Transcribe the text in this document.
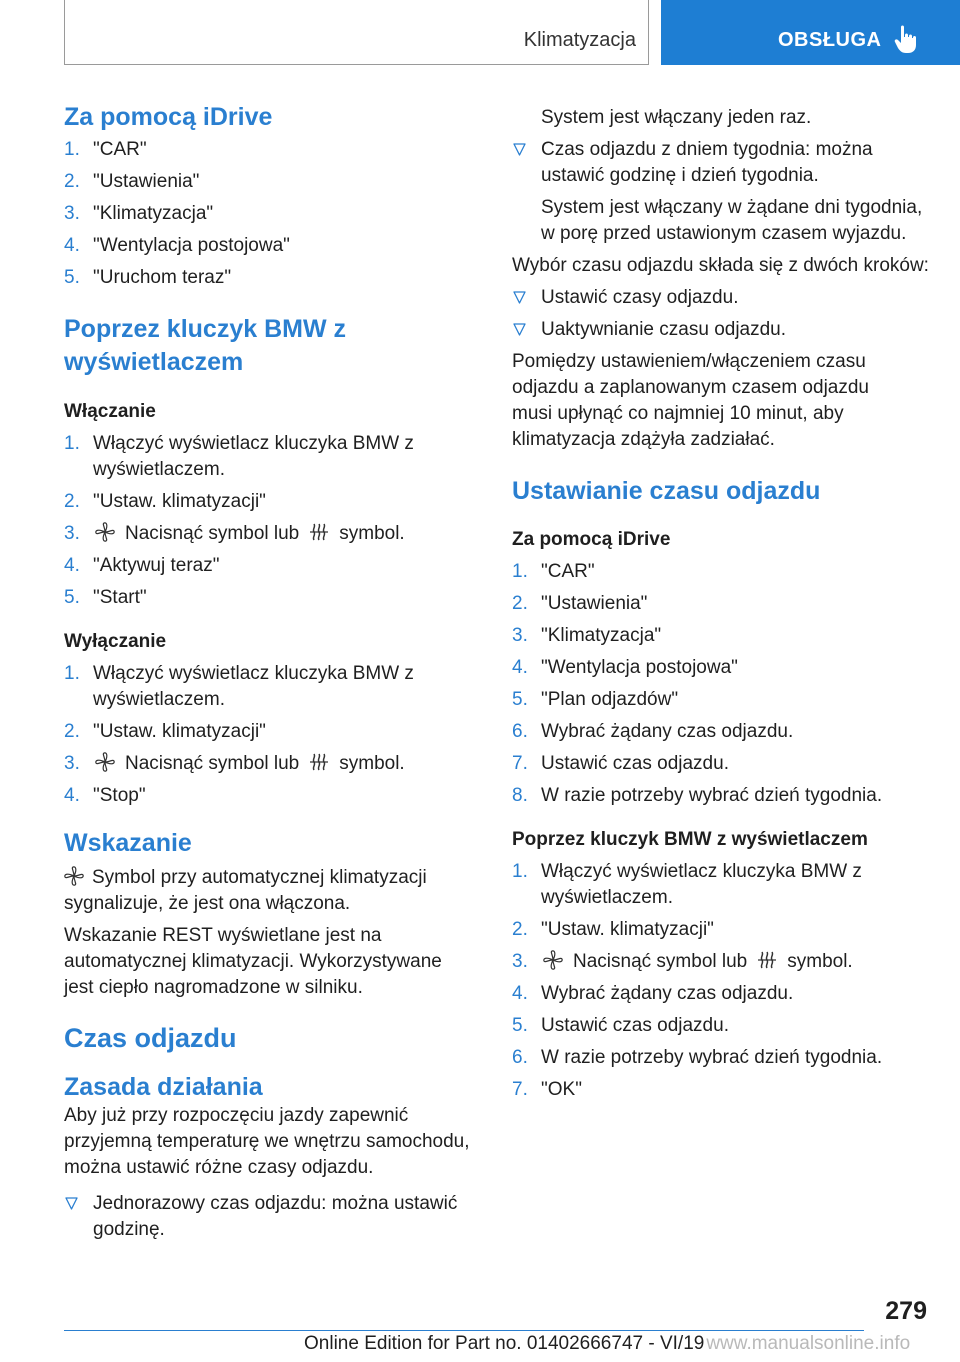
Klimatyzacja	OBSŁUGA
Za pomocą iDrive
1. "CAR"
2. "Ustawienia"
3. "Klimatyzacja"
4. "Wentylacja postojowa"
5. "Uruchom teraz"
Poprzez kluczyk BMW z wyświetlaczem
Włączanie
1. Włączyć wyświetlacz kluczyka BMW z wyświetlaczem.
2. "Ustaw. klimatyzacji"
3. Nacisnąć symbol lub symbol.
4. "Aktywuj teraz"
5. "Start"
Wyłączanie
1. Włączyć wyświetlacz kluczyka BMW z wyświetlaczem.
2. "Ustaw. klimatyzacji"
3. Nacisnąć symbol lub symbol.
4. "Stop"
Wskazanie

Symbol przy automatycznej klimatyzacji sygnalizuje, że jest ona włączona.

Wskazanie REST wyświetlane jest na automatycznej klimatyzacji. Wykorzystywane jest ciepło nagromadzone w silniku.

Czas odjazdu
Zasada działania

Aby już przy rozpoczęciu jazdy zapewnić przyjemną temperaturę we wnętrzu samochodu, można ustawić różne czasy odjazdu.

Jednorazowy czas odjazdu: można ustawić godzinę.

System jest włączany jeden raz.

Czas odjazdu z dniem tygodnia: można ustawić godzinę i dzień tygodnia.

System jest włączany w żądane dni tygodnia, w porę przed ustawionym czasem wyjazdu.

Wybór czasu odjazdu składa się z dwóch kroków:

Ustawić czasy odjazdu.
Uaktywnianie czasu odjazdu.

Pomiędzy ustawieniem/włączeniem czasu odjazdu a zaplanowanym czasem odjazdu musi upłynąć co najmniej 10 minut, aby klimatyzacja zdążyła zadziałać.

Ustawianie czasu odjazdu
Za pomocą iDrive
1. "CAR"
2. "Ustawienia"
3. "Klimatyzacja"
4. "Wentylacja postojowa"
5. "Plan odjazdów"
6. Wybrać żądany czas odjazdu.
7. Ustawić czas odjazdu.
8. W razie potrzeby wybrać dzień tygodnia.
Poprzez kluczyk BMW z wyświetlaczem
1. Włączyć wyświetlacz kluczyka BMW z wyświetlaczem.
2. "Ustaw. klimatyzacji"
3. Nacisnąć symbol lub symbol.
4. Wybrać żądany czas odjazdu.
5. Ustawić czas odjazdu.
6. W razie potrzeby wybrać dzień tygodnia.
7. "OK"
279
Online Edition for Part no. 01402666747 - VI/19 www.manualsonline.info
